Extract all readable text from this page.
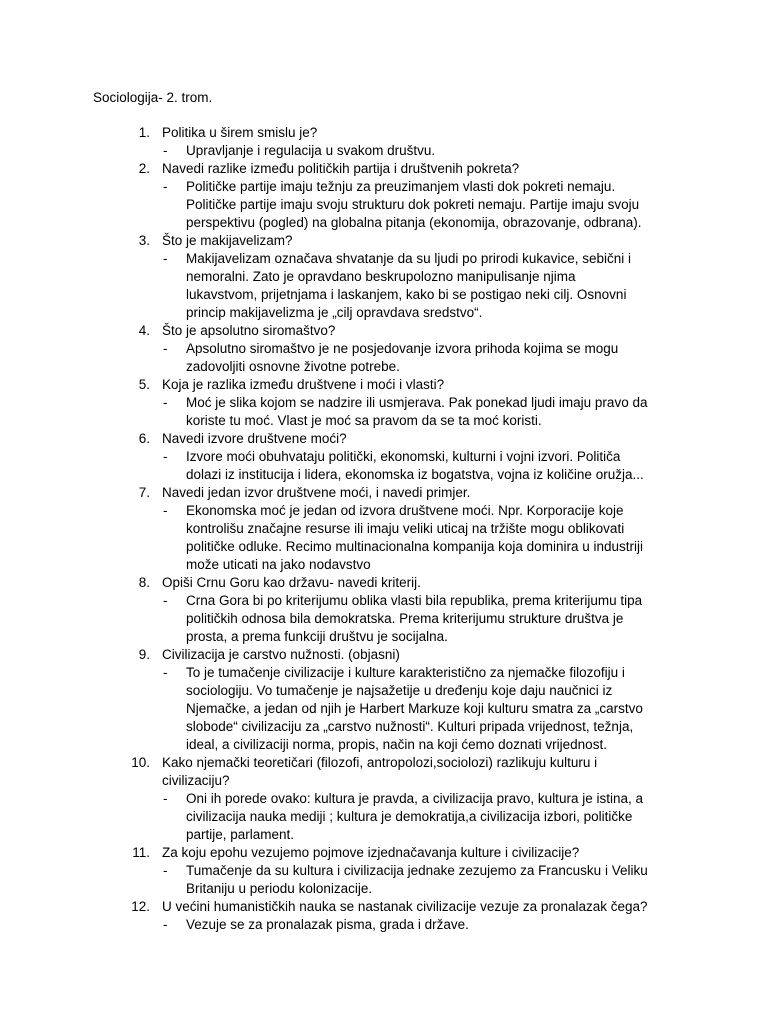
Sociologija- 2. trom.
1. Politika u širem smislu je?
- Upravljanje i regulacija u svakom društvu.
2. Navedi razlike između političkih partija i društvenih pokreta?
- Političke partije imaju težnju za preuzimanjem vlasti dok pokreti nemaju.
Političke partije imaju svoju strukturu dok pokreti nemaju. Partije imaju svoju
perspektivu (pogled) na globalna pitanja (ekonomija, obrazovanje, odbrana).
3. Što je makijavelizam?
- Makijavelizam označava shvatanje da su ljudi po prirodi kukavice, sebični i
nemoralni. Zato je opravdano beskrupolozno manipulisanje njima
lukavstvom, prijetnjama i laskanjem, kako bi se postigao neki cilj. Osnovni
princip makijavelizma je „cilj opravdava sredstvo“.
4. Što je apsolutno siromaštvo?
- Apsolutno siromaštvo je ne posjedovanje izvora prihoda kojima se mogu
zadovoljiti osnovne životne potrebe.
5. Koja je razlika između društvene i moći i vlasti?
- Moć je slika kojom se nadzire ili usmjerava. Pak ponekad ljudi imaju pravo da
koriste tu moć. Vlast je moć sa pravom da se ta moć koristi.
6. Navedi izvore društvene moći?
- Izvore moći obuhvataju politički, ekonomski, kulturni i vojni izvori. Političa
dolazi iz institucija i lidera, ekonomska iz bogatstva, vojna iz količine oružja...
7. Navedi jedan izvor društvene moći, i navedi primjer.
- Ekonomska moć je jedan od izvora društvene moći. Npr. Korporacije koje
kontrolišu značajne resurse ili imaju veliki uticaj na tržište mogu oblikovati
političke odluke. Recimo multinacionalna kompanija koja dominira u industriji
može uticati na jako nodavstvo
8. Opiši Crnu Goru kao državu- navedi kriterij.
- Crna Gora bi po kriterijumu oblika vlasti bila republika, prema kriterijumu tipa
političkih odnosa bila demokratska. Prema kriterijumu strukture društva je
prosta, a prema funkciji društvu je socijalna.
9. Civilizacija je carstvo nužnosti. (objasni)
- To je tumačenje civilizacije i kulture karakteristično za njemačke filozofiju i
sociologiju. Vo tumačenje je najsažetije u dređenju koje daju naučnici iz
Njemačke, a jedan od njih je Harbert Markuze koji kulturu smatra za „carstvo
slobode“ civilizaciju za „carstvo nužnosti“. Kulturi pripada vrijednost, težnja,
ideal, a civilizaciji norma, propis, način na koji ćemo doznati vrijednost.
10. Kako njemački teoretičari (filozofi, antropolozi,sociolozi) razlikuju kulturu i
civilizaciju?
- Oni ih porede ovako: kultura je pravda, a civilizacija pravo, kultura je istina, a
civilizacija nauka mediji ; kultura je demokratija,a civilizacija izbori, političke
partije, parlament.
11. Za koju epohu vezujemo pojmove izjednačavanja kulture i civilizacije?
- Tumačenje da su kultura i civilizacija jednake zezujemo za Francusku i Veliku
Britaniju u periodu kolonizacije.
12. U većini humanističkih nauka se nastanak civilizacije vezuje za pronalazak čega?
- Vezuje se za pronalazak pisma, grada i države.
